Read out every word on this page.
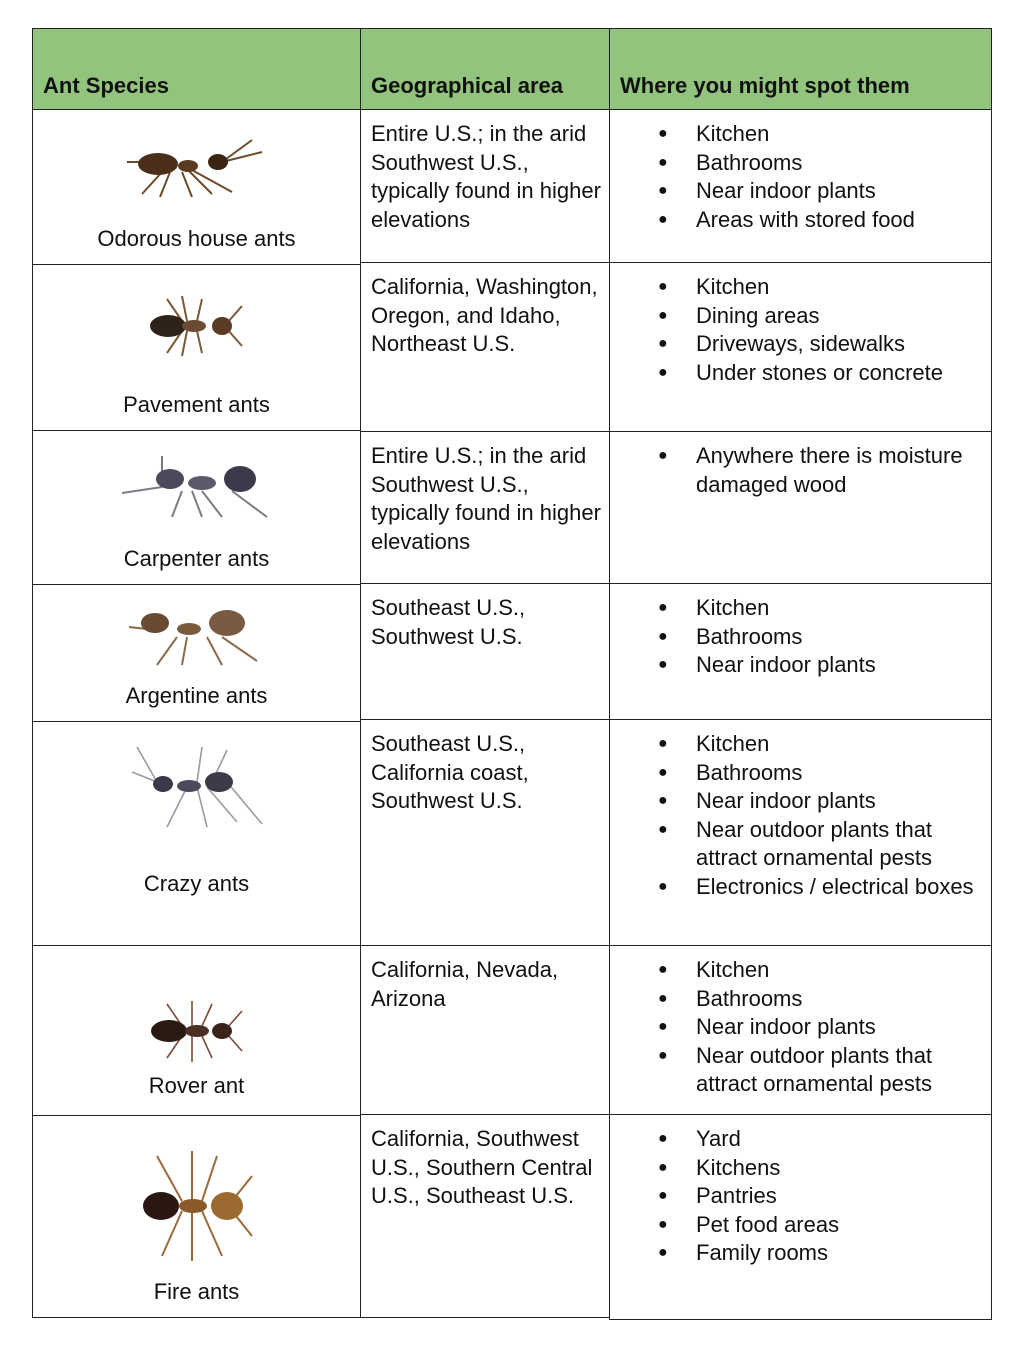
Ant Species	Geographical area	Where you might spot them
Odorous house ants
Entire U.S.; in the arid Southwest U.S., typically found in higher elevations
● Kitchen
● Bathrooms
● Near indoor plants
● Areas with stored food
Pavement ants
California, Washington, Oregon, and Idaho, Northeast U.S.
● Kitchen
● Dining areas
● Driveways, sidewalks
● Under stones or concrete
Carpenter ants
Entire U.S.; in the arid Southwest U.S., typically found in higher elevations
● Anywhere there is moisture damaged wood
Argentine ants
Southeast U.S., Southwest U.S.
● Kitchen
● Bathrooms
● Near indoor plants
Crazy ants
Southeast U.S., California coast, Southwest U.S.
● Kitchen
● Bathrooms
● Near indoor plants
● Near outdoor plants that attract ornamental pests
● Electronics / electrical boxes
Rover ant
California, Nevada, Arizona
● Kitchen
● Bathrooms
● Near indoor plants
● Near outdoor plants that attract ornamental pests
Fire ants
California, Southwest U.S., Southern Central U.S., Southeast U.S.
● Yard
● Kitchens
● Pantries
● Pet food areas
● Family rooms
